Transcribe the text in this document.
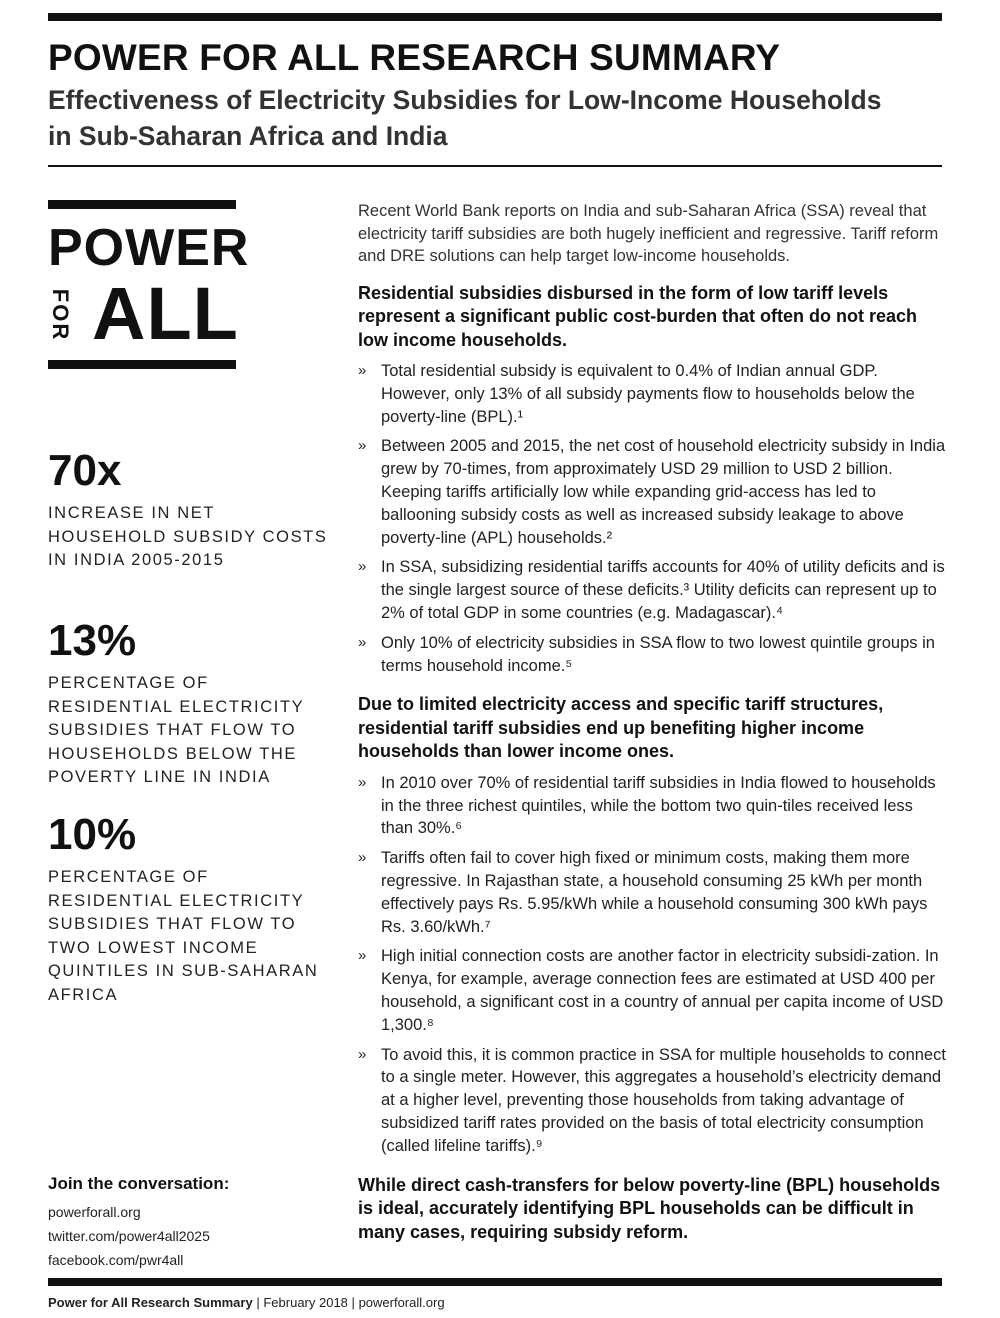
POWER FOR ALL RESEARCH SUMMARY
Effectiveness of Electricity Subsidies for Low-Income Households
in Sub-Saharan Africa and India
POWER
FOR ALL

70x

INCREASE IN NET HOUSEHOLD SUBSIDY COSTS IN INDIA 2005-2015

13%

PERCENTAGE OF RESIDENTIAL ELECTRICITY SUBSIDIES THAT FLOW TO HOUSEHOLDS BELOW THE POVERTY LINE IN INDIA

10%

PERCENTAGE OF RESIDENTIAL ELECTRICITY SUBSIDIES THAT FLOW TO TWO LOWEST INCOME QUINTILES IN SUB-SAHARAN AFRICA

Join the conversation:

powerforall.org
twitter.com/power4all2025
facebook.com/pwr4all

Recent World Bank reports on India and sub-Saharan Africa (SSA) reveal that electricity tariff subsidies are both hugely inefficient and regressive. Tariff reform and DRE solutions can help target low-income households.

Residential subsidies disbursed in the form of low tariff levels represent a significant public cost-burden that often do not reach low income households.

» Total residential subsidy is equivalent to 0.4% of Indian annual GDP. However, only 13% of all subsidy payments flow to households below the poverty-line (BPL).¹
» Between 2005 and 2015, the net cost of household electricity subsidy in India grew by 70-times, from approximately USD 29 million to USD 2 billion. Keeping tariffs artificially low while expanding grid-access has led to ballooning subsidy costs as well as increased subsidy leakage to above poverty-line (APL) households.²
» In SSA, subsidizing residential tariffs accounts for 40% of utility deficits and is the single largest source of these deficits.³ Utility deficits can represent up to 2% of total GDP in some countries (e.g. Madagascar).⁴
» Only 10% of electricity subsidies in SSA flow to two lowest quintile groups in terms household income.⁵

Due to limited electricity access and specific tariff structures, residential tariff subsidies end up benefiting higher income households than lower income ones.

» In 2010 over 70% of residential tariff subsidies in India flowed to households in the three richest quintiles, while the bottom two quin-tiles received less than 30%.⁶
» Tariffs often fail to cover high fixed or minimum costs, making them more regressive. In Rajasthan state, a household consuming 25 kWh per month effectively pays Rs. 5.95/kWh while a household consuming 300 kWh pays Rs. 3.60/kWh.⁷
» High initial connection costs are another factor in electricity subsidi-zation. In Kenya, for example, average connection fees are estimated at USD 400 per household, a significant cost in a country of annual per capita income of USD 1,300.⁸
» To avoid this, it is common practice in SSA for multiple households to connect to a single meter. However, this aggregates a household’s electricity demand at a higher level, preventing those households from taking advantage of subsidized tariff rates provided on the basis of total electricity consumption (called lifeline tariffs).⁹

While direct cash-transfers for below poverty-line (BPL) households is ideal, accurately identifying BPL households can be difficult in many cases, requiring subsidy reform.

Power for All Research Summary | February 2018 | powerforall.org
